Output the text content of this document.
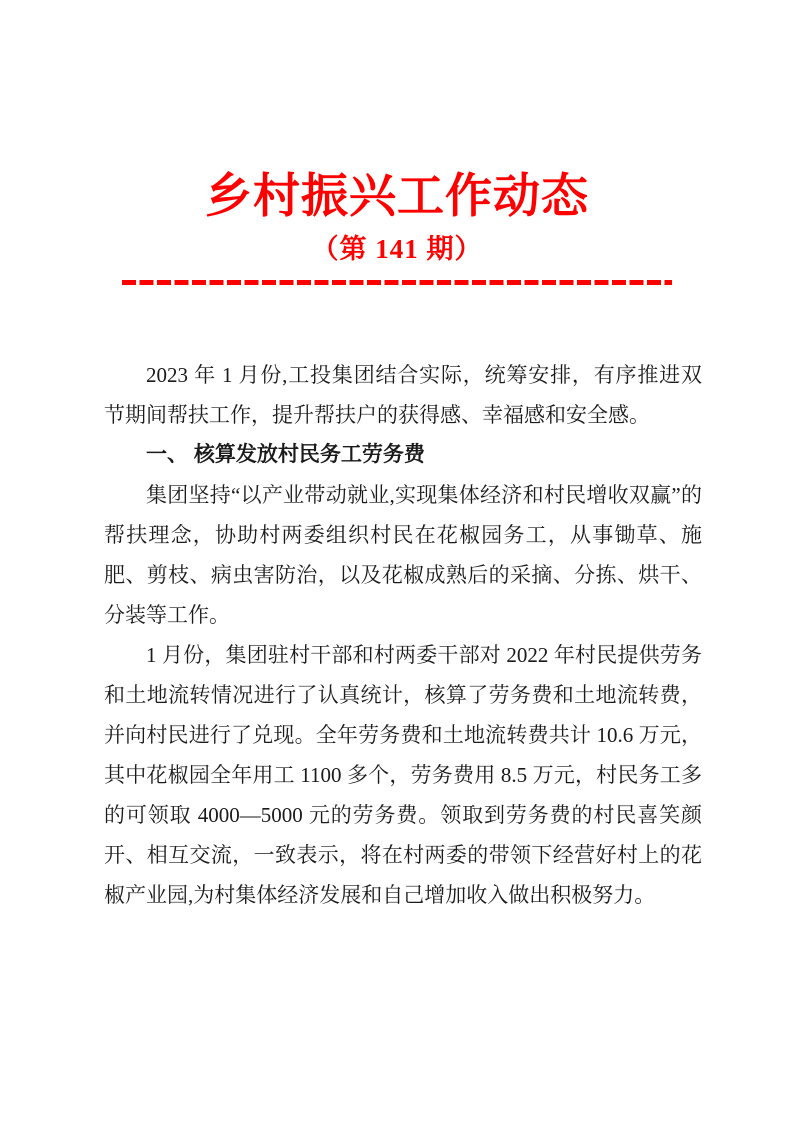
乡村振兴工作动态
（第 141 期）

2023 年 1 月份,工投集团结合实际，统筹安排，有序推进双节期间帮扶工作，提升帮扶户的获得感、幸福感和安全感。

一、 核算发放村民务工劳务费

集团坚持“以产业带动就业,实现集体经济和村民增收双赢”的帮扶理念，协助村两委组织村民在花椒园务工，从事锄草、施肥、剪枝、病虫害防治，以及花椒成熟后的采摘、分拣、烘干、分装等工作。

1 月份，集团驻村干部和村两委干部对 2022 年村民提供劳务和土地流转情况进行了认真统计，核算了劳务费和土地流转费，并向村民进行了兑现。全年劳务费和土地流转费共计 10.6 万元，其中花椒园全年用工 1100 多个，劳务费用 8.5 万元，村民务工多的可领取 4000—5000 元的劳务费。领取到劳务费的村民喜笑颜开、相互交流，一致表示，将在村两委的带领下经营好村上的花椒产业园,为村集体经济发展和自己增加收入做出积极努力。
